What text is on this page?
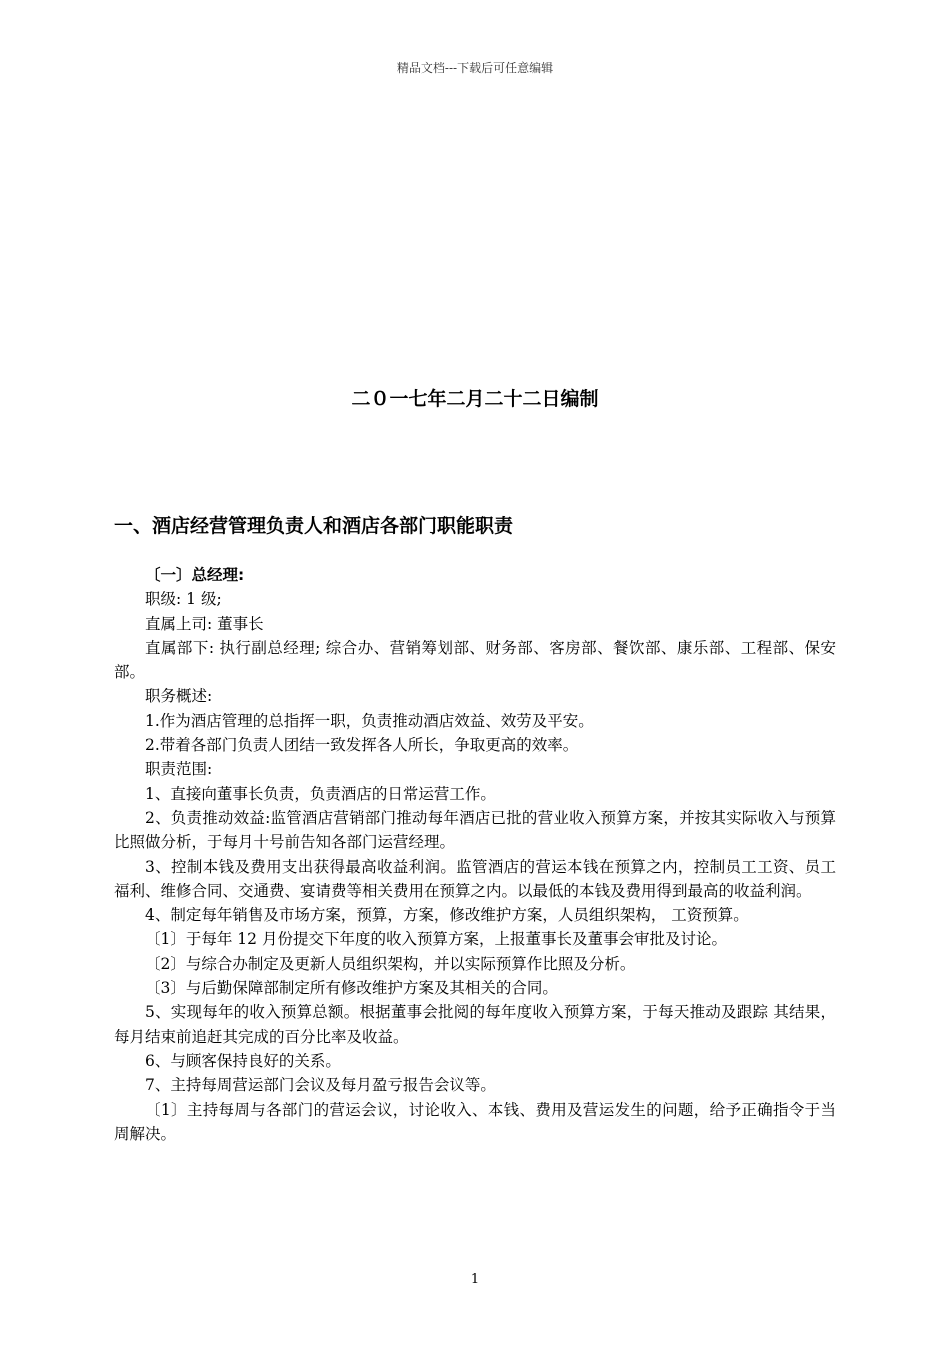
精品文档---下载后可任意编辑
二０一七年二月二十二日编制
一、酒店经营管理负责人和酒店各部门职能职责

〔一〕总经理:

职级: 1 级;

直属上司: 董事长

直属部下: 执行副总经理; 综合办、营销筹划部、财务部、客房部、餐饮部、康乐部、工程部、保安部。

职务概述:

1.作为酒店管理的总指挥一职，负责推动酒店效益、效劳及平安。

2.带着各部门负责人团结一致发挥各人所长，争取更高的效率。

职责范围:

1、直接向董事长负责，负责酒店的日常运营工作。

2、负责推动效益:监管酒店营销部门推动每年酒店已批的营业收入预算方案，并按其实际收入与预算比照做分析，于每月十号前告知各部门运营经理。

3、控制本钱及费用支出获得最高收益利润。监管酒店的营运本钱在预算之内，控制员工工资、员工福利、维修合同、交通费、宴请费等相关费用在预算之内。以最低的本钱及费用得到最高的收益利润。

4、制定每年销售及市场方案，预算，方案，修改维护方案，人员组织架构， 工资预算。

〔1〕于每年 12 月份提交下年度的收入预算方案，上报董事长及董事会审批及讨论。

〔2〕与综合办制定及更新人员组织架构，并以实际预算作比照及分析。

〔3〕与后勤保障部制定所有修改维护方案及其相关的合同。

5、实现每年的收入预算总额。根据董事会批阅的每年度收入预算方案，于每天推动及跟踪 其结果，每月结束前追赶其完成的百分比率及收益。

6、与顾客保持良好的关系。

7、主持每周营运部门会议及每月盈亏报告会议等。

〔1〕主持每周与各部门的营运会议，讨论收入、本钱、费用及营运发生的问题，给予正确指令于当周解决。

1
